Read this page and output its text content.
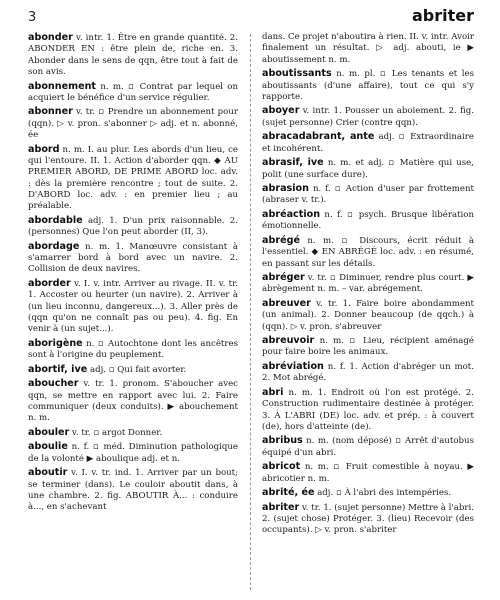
3	abriter

abonder v. intr. 1. Être en grande quantité. 2. ABONDER EN : être plein de, riche en. 3. Abonder dans le sens de qqn, être tout à fait de son avis.

abonnement n. m. ▫ Contrat par lequel on acquiert le bénéfice d'un service régulier.

abonner v. tr. ▫ Prendre un abonnement pour (qqn). ▷ v. pron. s'abonner ▷ adj. et n. abonné, ée

abord n. m. I. au plur. Les abords d'un lieu, ce qui l'entoure. II. 1. Action d'aborder qqn. ◆ AU PREMIER ABORD, DE PRIME ABORD loc. adv. : dès la première rencontre ; tout de suite. 2. D'ABORD loc. adv. : en premier lieu ; au préalable.

abordable adj. 1. D'un prix raisonnable. 2. (personnes) Que l'on peut aborder (II, 3).

abordage n. m. 1. Manœuvre consistant à s'amarrer bord à bord avec un navire. 2. Collision de deux navires.

aborder v. I. v. intr. Arriver au rivage. II. v. tr. 1. Accoster ou heurter (un navire). 2. Arriver à (un lieu inconnu, dangereux...). 3. Aller près de (qqn qu'on ne connaît pas ou peu). 4. fig. En venir à (un sujet...).

aborigène n. ▫ Autochtone dont les ancêtres sont à l'origine du peuplement.

abortif, ive adj. ▫ Qui fait avorter.

aboucher v. tr. 1. pronom. S'aboucher avec qqn, se mettre en rapport avec lui. 2. Faire communiquer (deux conduits). ▶ abouchement n. m.

abouler v. tr. ▫ argot Donner.

aboulie n. f. ▫ méd. Diminution pathologique de la volonté ▶ aboulique adj. et n.

aboutir v. I. v. tr. ind. 1. Arriver par un bout; se terminer (dans). Le couloir aboutit dans, à une chambre. 2. fig. ABOUTIR À... : conduire à..., en s'achevant

dans. Ce projet n'aboutira à rien. II. v. intr. Avoir finalement un résultat. ▷ adj. abouti, ie ▶ aboutissement n. m.

aboutissants n. m. pl. ▫ Les tenants et les aboutissants (d'une affaire), tout ce qui s'y rapporte.

aboyer v. intr. 1. Pousser un aboiement. 2. fig. (sujet personne) Crier (contre qqn).

abracadabrant, ante adj. ▫ Extraordinaire et incohérent.

abrasif, ive n. m. et adj. ▫ Matière qui use, polit (une surface dure).

abrasion n. f. ▫ Action d'user par frottement (abraser v. tr.).

abréaction n. f. ▫ psych. Brusque libération émotionnelle.

abrégé n. m. ▫ Discours, écrit réduit à l'essentiel. ◆ EN ABRÉGÉ loc. adv. : en résumé, en passant sur les détails.

abréger v. tr. ▫ Diminuer, rendre plus court. ▶ abrègement n. m. – var. abrégement.

abreuver v. tr. 1. Faire boire abondamment (un animal). 2. Donner beaucoup (de qqch.) à (qqn). ▷ v. pron. s'abreuver

abreuvoir n. m. ▫ Lieu, récipient aménagé pour faire boire les animaux.

abréviation n. f. 1. Action d'abréger un mot. 2. Mot abrégé.

abri n. m. 1. Endroit où l'on est protégé. 2. Construction rudimentaire destinée à protéger. 3. À L'ABRI (DE) loc. adv. et prép. : à couvert (de), hors d'atteinte (de).

abribus n. m. (nom déposé) ▫ Arrêt d'autobus équipé d'un abri.

abricot n. m. ▫ Fruit comestible à noyau. ▶ abricotier n. m.

abrité, ée adj. ▫ À l'abri des intempéries.

abriter v. tr. 1. (sujet personne) Mettre à l'abri. 2. (sujet chose) Protéger. 3. (lieu) Recevoir (des occupants). ▷ v. pron. s'abriter
